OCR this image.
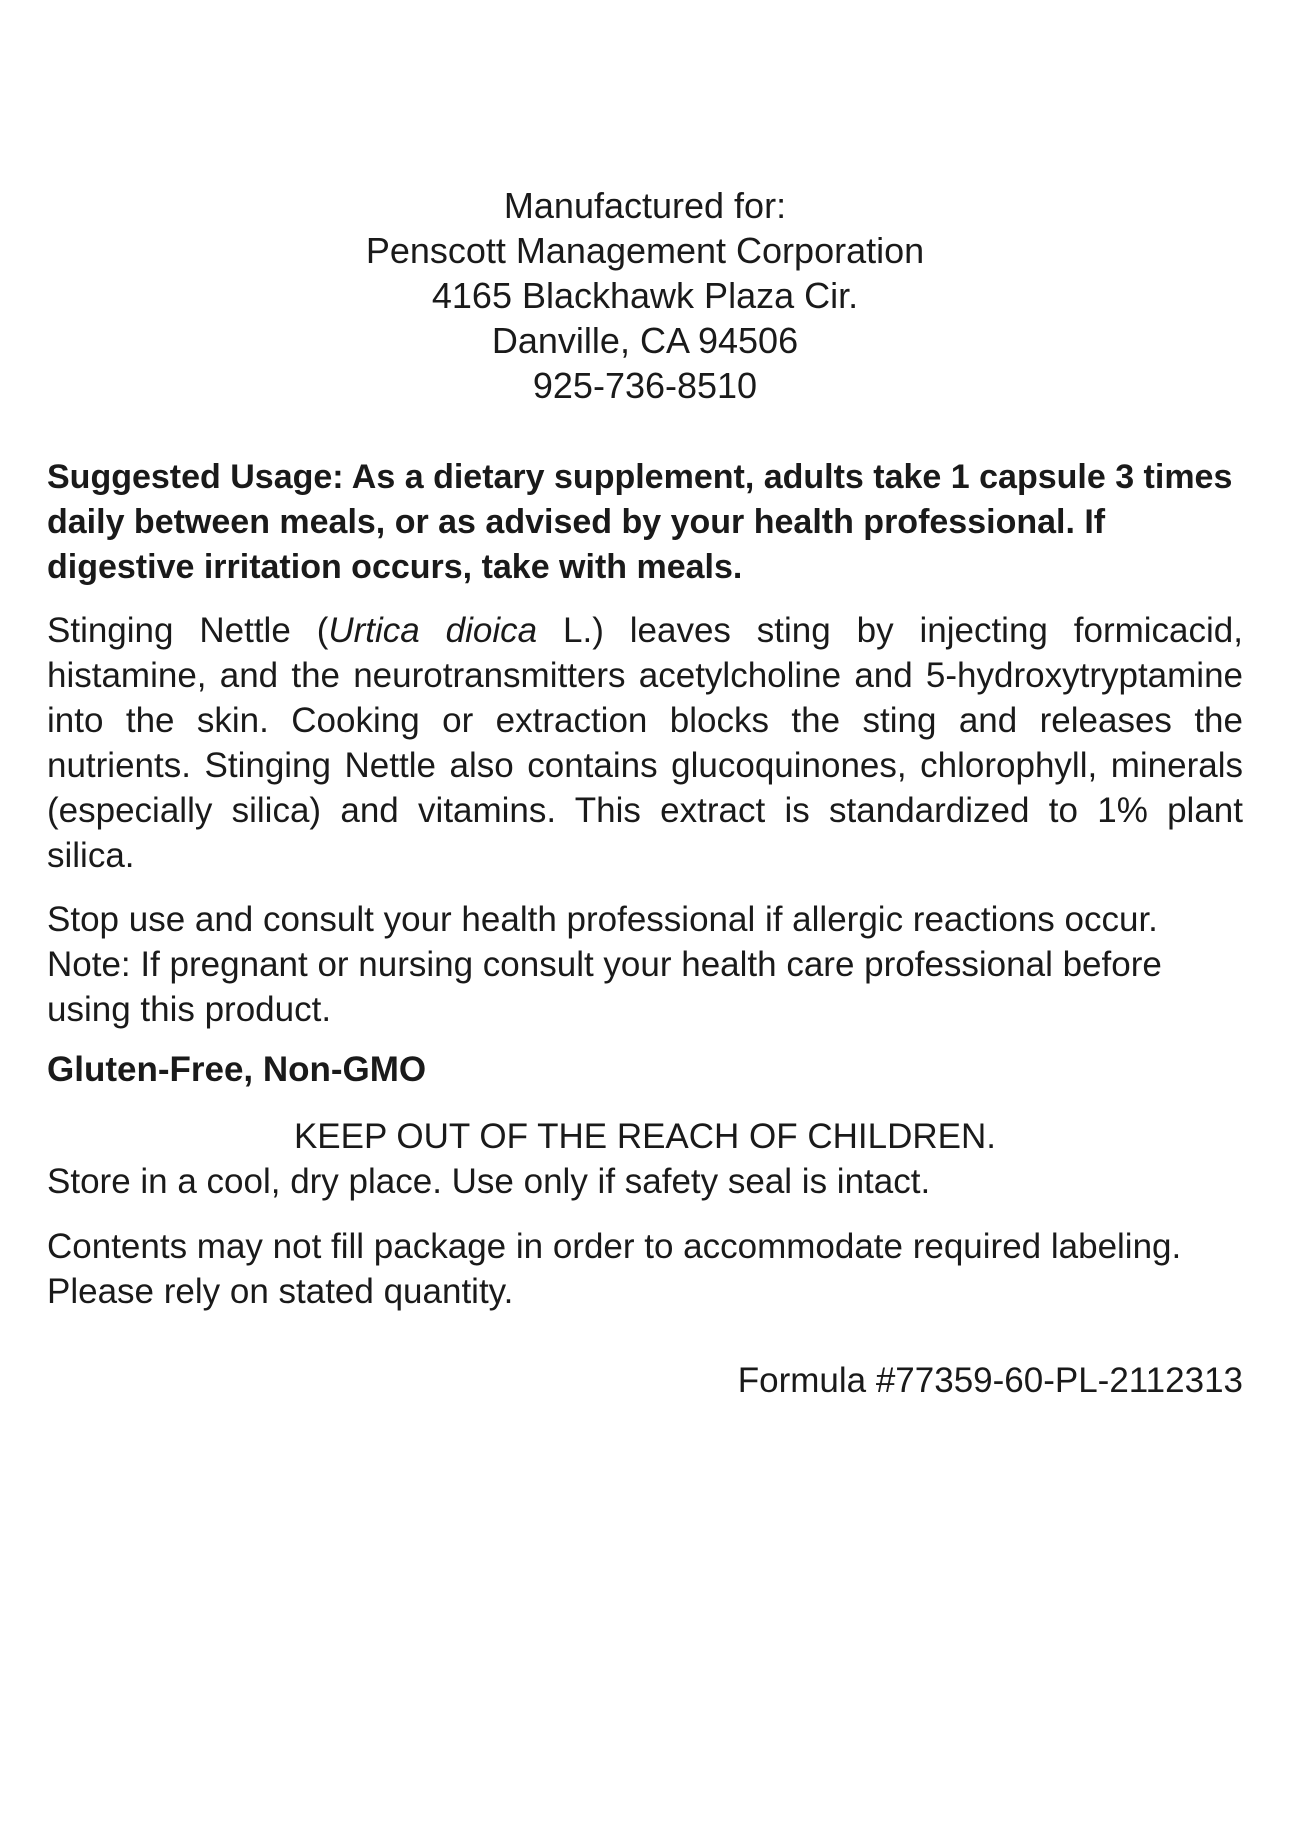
Manufactured for:
Penscott Management Corporation
4165 Blackhawk Plaza Cir.
Danville, CA 94506
925-736-8510

Suggested Usage: As a dietary supplement, adults take 1 capsule 3 times daily between meals, or as advised by your health professional. If digestive irritation occurs, take with meals.

Stinging Nettle (Urtica dioica L.) leaves sting by injecting formicacid, histamine, and the neurotransmitters acetylcholine and 5-hydroxytryptamine into the skin. Cooking or extraction blocks the sting and releases the nutrients. Stinging Nettle also contains glucoquinones, chlorophyll, minerals (especially silica) and vitamins. This extract is standardized to 1% plant silica.

Stop use and consult your health professional if allergic reactions occur. Note: If pregnant or nursing consult your health care professional before using this product.

Gluten-Free, Non-GMO

KEEP OUT OF THE REACH OF CHILDREN.
Store in a cool, dry place. Use only if safety seal is intact.

Contents may not fill package in order to accommodate required labeling. Please rely on stated quantity.

Formula #77359-60-PL-2112313
